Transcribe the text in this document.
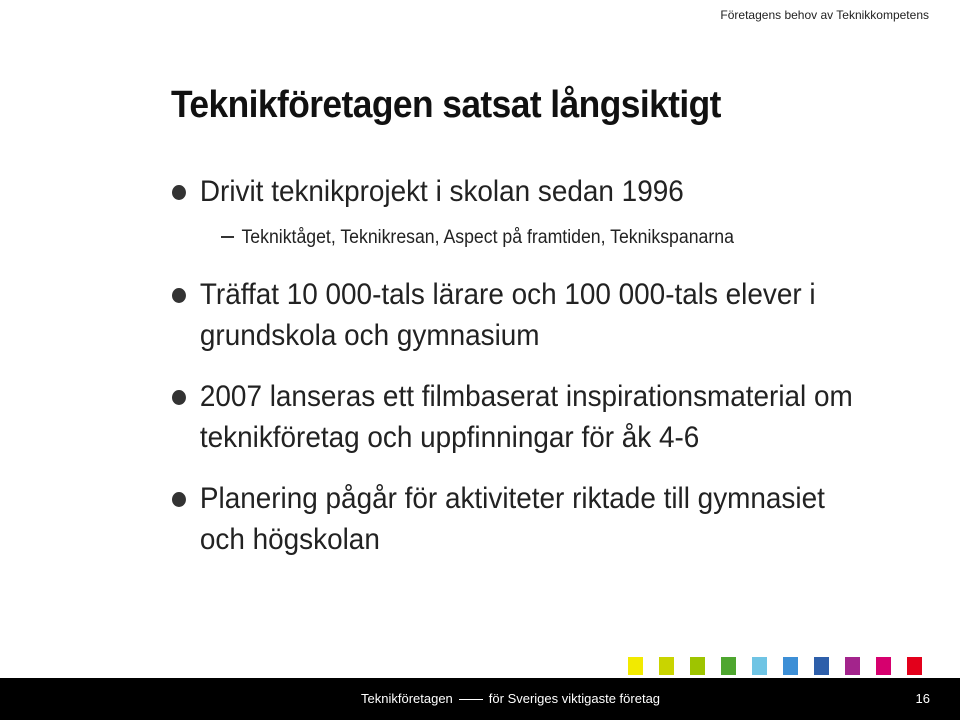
Företagens behov av Teknikkompetens
Teknikföretagen satsat långsiktigt
Drivit teknikprojekt i skolan sedan 1996
Tekniktåget, Teknikresan, Aspect på framtiden, Teknikspanarna
Träffat 10 000-tals lärare och 100 000-tals elever i
grundskola och gymnasium
2007 lanseras ett filmbaserat inspirationsmaterial om
teknikföretag och uppfinningar för åk 4-6
Planering pågår för aktiviteter riktade till gymnasiet
och högskolan
Teknikföretagen	för Sveriges viktigaste företag	16
